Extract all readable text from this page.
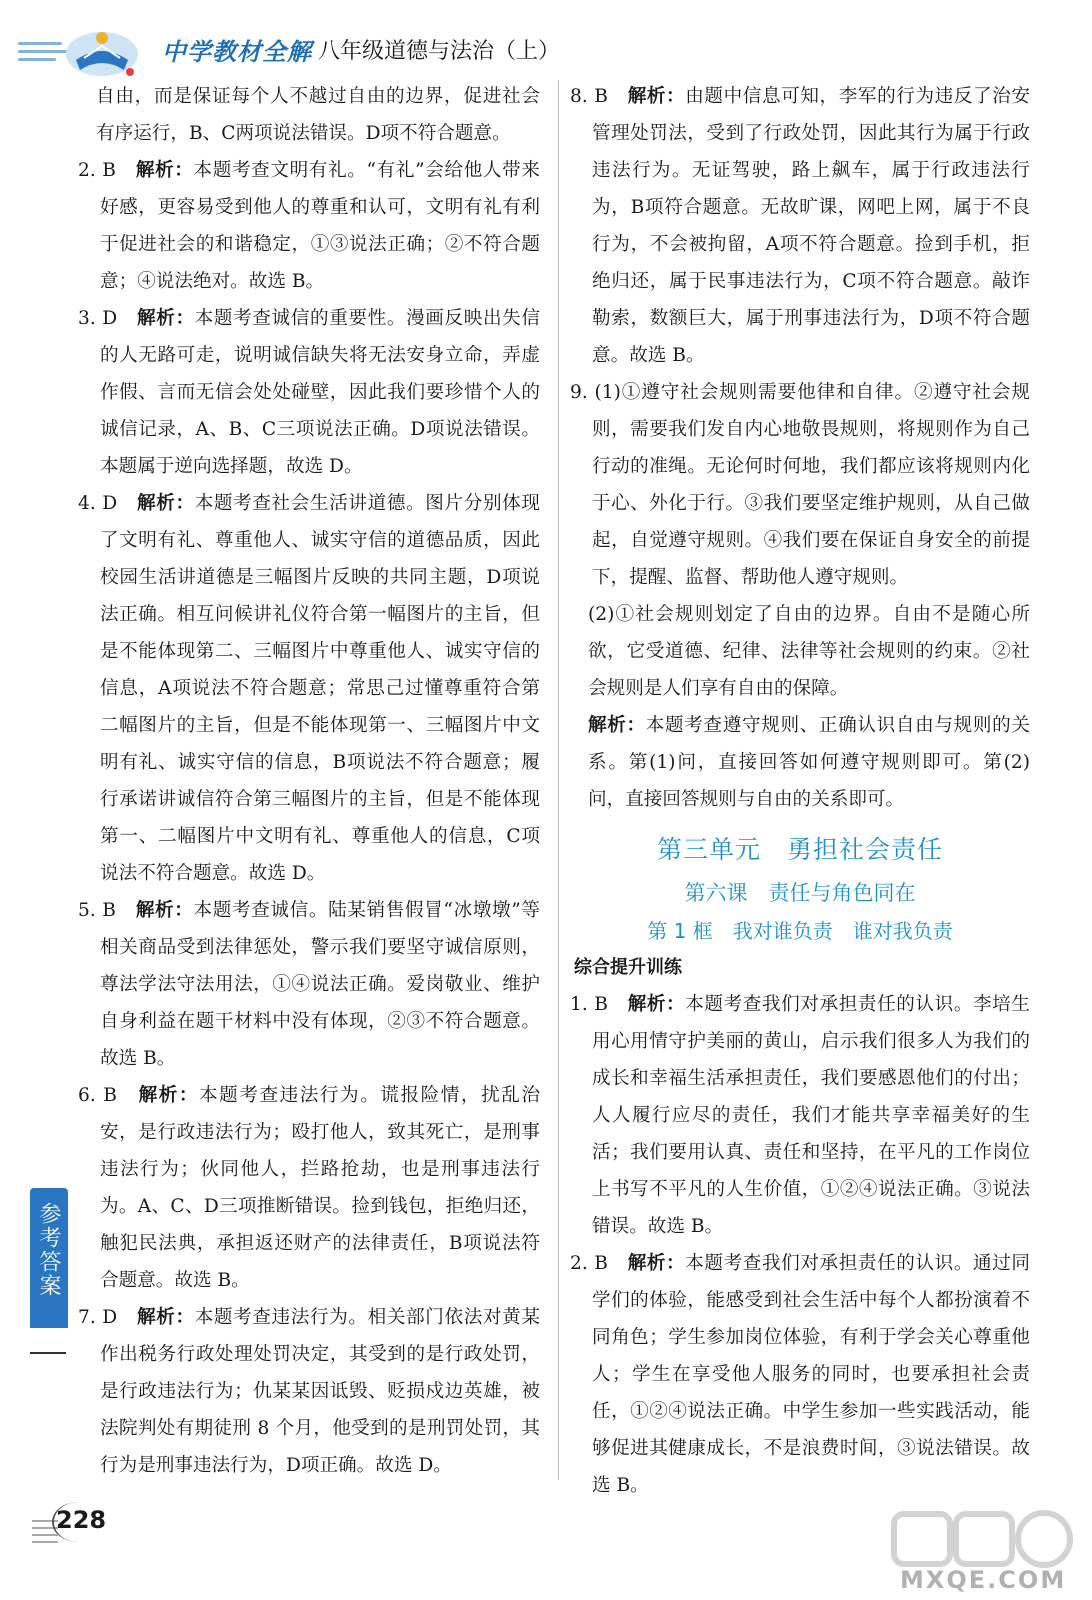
中学教材全解 八年级道德与法治（上）

自由，而是保证每个人不越过自由的边界，促进社会有序运行，B、C两项说法错误。D项不符合题意。

2. B　 解析：本题考查文明有礼。“有礼”会给他人带来好感，更容易受到他人的尊重和认可，文明有礼有利于促进社会的和谐稳定，①③说法正确；②不符合题意；④说法绝对。故选 B。

3. D　 解析：本题考查诚信的重要性。漫画反映出失信的人无路可走，说明诚信缺失将无法安身立命，弄虚作假、言而无信会处处碰壁，因此我们要珍惜个人的诚信记录，A、B、C三项说法正确。D项说法错误。本题属于逆向选择题，故选 D。

4. D　 解析：本题考查社会生活讲道德。图片分别体现了文明有礼、尊重他人、诚实守信的道德品质，因此校园生活讲道德是三幅图片反映的共同主题，D项说法正确。相互问候讲礼仪符合第一幅图片的主旨，但是不能体现第二、三幅图片中尊重他人、诚实守信的信息，A项说法不符合题意；常思己过懂尊重符合第二幅图片的主旨，但是不能体现第一、三幅图片中文明有礼、诚实守信的信息，B项说法不符合题意；履行承诺讲诚信符合第三幅图片的主旨，但是不能体现第一、二幅图片中文明有礼、尊重他人的信息，C项说法不符合题意。故选 D。

5. B　 解析：本题考查诚信。陆某销售假冒“冰墩墩”等相关商品受到法律惩处，警示我们要坚守诚信原则，尊法学法守法用法，①④说法正确。爱岗敬业、维护自身利益在题干材料中没有体现，②③不符合题意。故选 B。

6. B　 解析：本题考查违法行为。谎报险情，扰乱治安，是行政违法行为；殴打他人，致其死亡，是刑事违法行为；伙同他人，拦路抢劫，也是刑事违法行为。A、C、D三项推断错误。捡到钱包，拒绝归还，触犯民法典，承担返还财产的法律责任，B项说法符合题意。故选 B。

7. D　 解析：本题考查违法行为。相关部门依法对黄某作出税务行政处理处罚决定，其受到的是行政处罚，是行政违法行为；仇某某因诋毁、贬损戍边英雄，被法院判处有期徒刑 8 个月，他受到的是刑罚处罚，其行为是刑事违法行为，D项正确。故选 D。

8. B　 解析：由题中信息可知，李军的行为违反了治安管理处罚法，受到了行政处罚，因此其行为属于行政违法行为。无证驾驶，路上飙车，属于行政违法行为，B项符合题意。无故旷课，网吧上网，属于不良行为，不会被拘留，A项不符合题意。捡到手机，拒绝归还，属于民事违法行为，C项不符合题意。敲诈勒索，数额巨大，属于刑事违法行为，D项不符合题意。故选 B。

9. (1)①遵守社会规则需要他律和自律。②遵守社会规则，需要我们发自内心地敬畏规则，将规则作为自己行动的准绳。无论何时何地，我们都应该将规则内化于心、外化于行。③我们要坚定维护规则，从自己做起，自觉遵守规则。④我们要在保证自身安全的前提下，提醒、监督、帮助他人遵守规则。

(2)①社会规则划定了自由的边界。自由不是随心所欲，它受道德、纪律、法律等社会规则的约束。②社会规则是人们享有自由的保障。

解析：本题考查遵守规则、正确认识自由与规则的关系。第(1)问，直接回答如何遵守规则即可。第(2)问，直接回答规则与自由的关系即可。

第三单元　勇担社会责任
第六课　责任与角色同在
第 1 框　我对谁负责　谁对我负责
综合提升训练

1. B　 解析：本题考查我们对承担责任的认识。李培生用心用情守护美丽的黄山，启示我们很多人为我们的成长和幸福生活承担责任，我们要感恩他们的付出；人人履行应尽的责任，我们才能共享幸福美好的生活；我们要用认真、责任和坚持，在平凡的工作岗位上书写不平凡的人生价值，①②④说法正确。③说法错误。故选 B。

2. B　 解析：本题考查我们对承担责任的认识。通过同学们的体验，能感受到社会生活中每个人都扮演着不同角色；学生参加岗位体验，有利于学会关心尊重他人；学生在享受他人服务的同时，也要承担社会责任，①②④说法正确。中学生参加一些实践活动，能够促进其健康成长，不是浪费时间，③说法错误。故选 B。

参考答案
228
MXQE.COM
